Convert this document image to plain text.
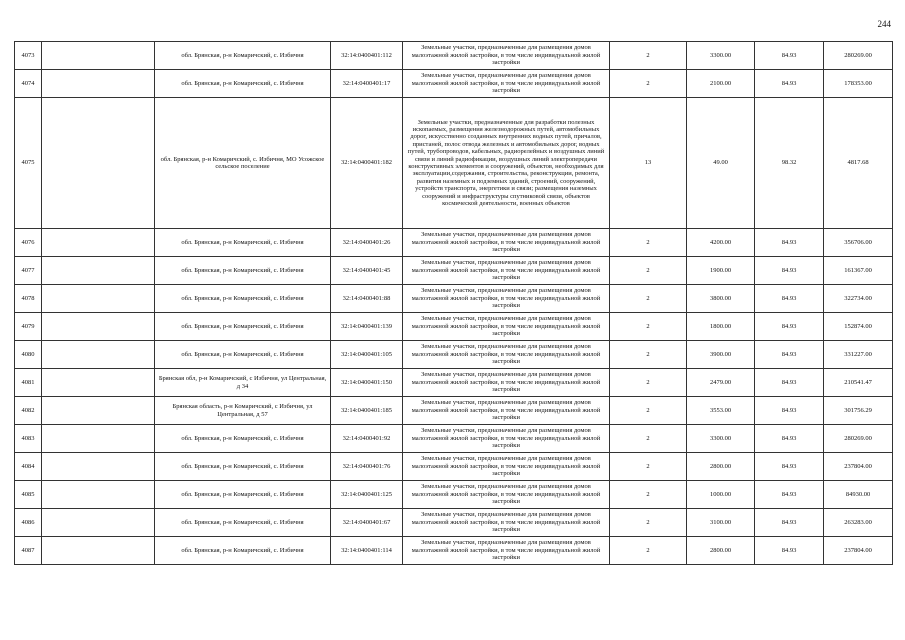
244
4073		обл. Брянская, р-н Комаричский, с. Избичня	32:14:0400401:112	Земельные участки, предназначенные для размещения домов малоэтажной жилой застройки, в том числе индивидуальной жилой застройки	2	3300.00	84.93	280269.00
4074		обл. Брянская, р-н Комаричский, с. Избичня	32:14:0400401:17	Земельные участки, предназначенные для размещения домов малоэтажной жилой застройки, в том числе индивидуальной жилой застройки	2	2100.00	84.93	178353.00
4075		обл. Брянская, р-н Комаричский, с. Избичня, МО Усожское сельское поселение	32:14:0400401:182	Земельные участки, предназначенные для разработки полезных ископаемых, размещения железнодорожных путей, автомобильных дорог, искусственно созданных внутренних водных путей, причалов, пристаней, полос отвода железных и автомобильных дорог, водных путей, трубопроводов, кабельных, радиорелейных и воздушных линий связи и линий радиофикации, воздушных линий электропередачи конструктивных элементов и сооружений, объектов, необходимых для эксплуатации,содержания, строительства, реконструкции, ремонта, развития наземных и подземных зданий, строений, сооружений, устройств транспорта, энергетики и связи; размещения наземных сооружений и инфраструктуры спутниковой связи, объектов космической деятельности, военных объектов	13	49.00	98.32	4817.68
4076		обл. Брянская, р-н Комаричский, с. Избичня	32:14:0400401:26	Земельные участки, предназначенные для размещения домов малоэтажной жилой застройки, в том числе индивидуальной жилой застройки	2	4200.00	84.93	356706.00
4077		обл. Брянская, р-н Комаричский, с. Избичня	32:14:0400401:45	Земельные участки, предназначенные для размещения домов малоэтажной жилой застройки, в том числе индивидуальной жилой застройки	2	1900.00	84.93	161367.00
4078		обл. Брянская, р-н Комаричский, с. Избичня	32:14:0400401:88	Земельные участки, предназначенные для размещения домов малоэтажной жилой застройки, в том числе индивидуальной жилой застройки	2	3800.00	84.93	322734.00
4079		обл. Брянская, р-н Комаричский, с. Избичня	32:14:0400401:139	Земельные участки, предназначенные для размещения домов малоэтажной жилой застройки, в том числе индивидуальной жилой застройки	2	1800.00	84.93	152874.00
4080		обл. Брянская, р-н Комаричский, с. Избичня	32:14:0400401:105	Земельные участки, предназначенные для размещения домов малоэтажной жилой застройки, в том числе индивидуальной жилой застройки	2	3900.00	84.93	331227.00
4081		Брянская обл, р-н Комаричский, с Избичня, ул Центральная, д 34	32:14:0400401:150	Земельные участки, предназначенные для размещения домов малоэтажной жилой застройки, в том числе индивидуальной жилой застройки	2	2479.00	84.93	210541.47
4082		Брянская область, р-н Комаричский, с Избичня, ул Центральная, д 57	32:14:0400401:185	Земельные участки, предназначенные для размещения домов малоэтажной жилой застройки, в том числе индивидуальной жилой застройки	2	3553.00	84.93	301756.29
4083		обл. Брянская, р-н Комаричский, с. Избичня	32:14:0400401:92	Земельные участки, предназначенные для размещения домов малоэтажной жилой застройки, в том числе индивидуальной жилой застройки	2	3300.00	84.93	280269.00
4084		обл. Брянская, р-н Комаричский, с. Избичня	32:14:0400401:76	Земельные участки, предназначенные для размещения домов малоэтажной жилой застройки, в том числе индивидуальной жилой застройки	2	2800.00	84.93	237804.00
4085		обл. Брянская, р-н Комаричский, с. Избичня	32:14:0400401:125	Земельные участки, предназначенные для размещения домов малоэтажной жилой застройки, в том числе индивидуальной жилой застройки	2	1000.00	84.93	84930.00
4086		обл. Брянская, р-н Комаричский, с. Избичня	32:14:0400401:67	Земельные участки, предназначенные для размещения домов малоэтажной жилой застройки, в том числе индивидуальной жилой застройки	2	3100.00	84.93	263283.00
4087		обл. Брянская, р-н Комаричский, с. Избичня	32:14:0400401:114	Земельные участки, предназначенные для размещения домов малоэтажной жилой застройки, в том числе индивидуальной жилой застройки	2	2800.00	84.93	237804.00
